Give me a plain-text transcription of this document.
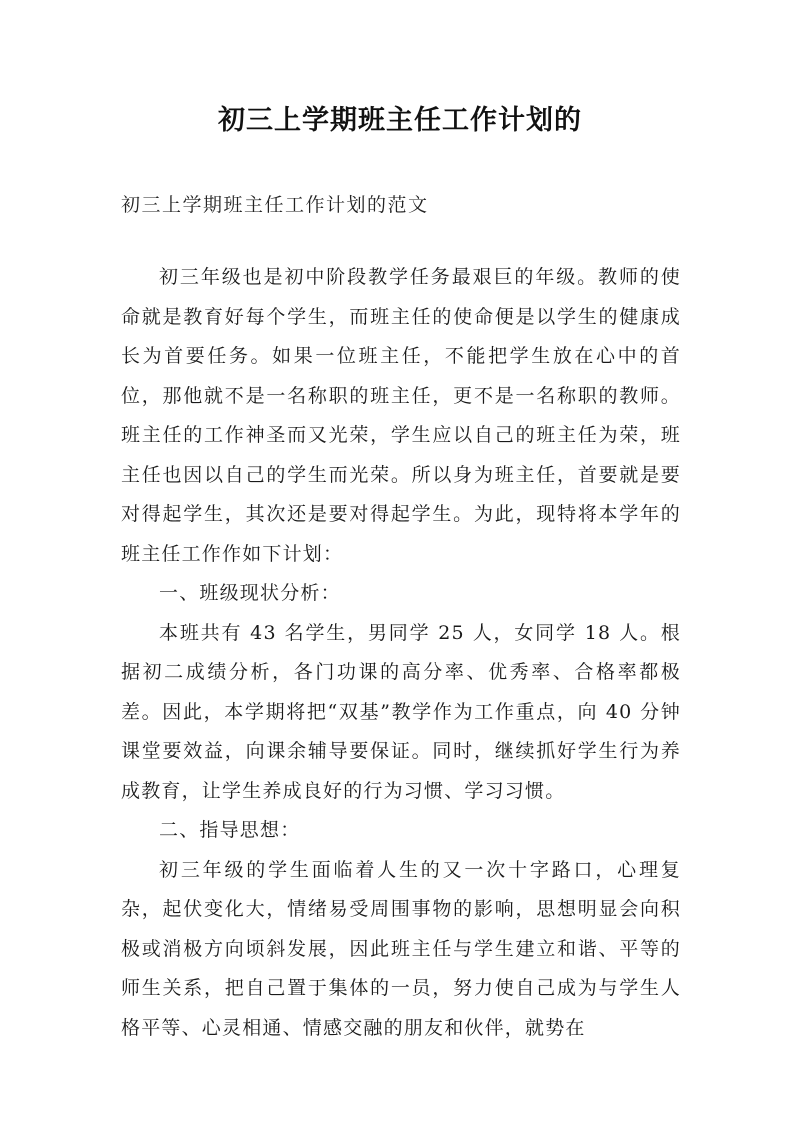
初三上学期班主任工作计划的
初三上学期班主任工作计划的范文

初三年级也是初中阶段教学任务最艰巨的年级。教师的使命就是教育好每个学生，而班主任的使命便是以学生的健康成长为首要任务。如果一位班主任，不能把学生放在心中的首位，那他就不是一名称职的班主任，更不是一名称职的教师。班主任的工作神圣而又光荣，学生应以自己的班主任为荣，班主任也因以自己的学生而光荣。所以身为班主任，首要就是要对得起学生，其次还是要对得起学生。为此，现特将本学年的班主任工作作如下计划：

一、班级现状分析：

本班共有 43 名学生，男同学 25 人，女同学 18 人。根据初二成绩分析，各门功课的高分率、优秀率、合格率都极差。因此，本学期将把“双基”教学作为工作重点，向 40 分钟课堂要效益，向课余辅导要保证。同时，继续抓好学生行为养成教育，让学生养成良好的行为习惯、学习习惯。

二、指导思想：

初三年级的学生面临着人生的又一次十字路口，心理复杂，起伏变化大，情绪易受周围事物的影响，思想明显会向积极或消极方向顷斜发展，因此班主任与学生建立和谐、平等的师生关系，把自己置于集体的一员，努力使自己成为与学生人格平等、心灵相通、情感交融的朋友和伙伴，就势在
